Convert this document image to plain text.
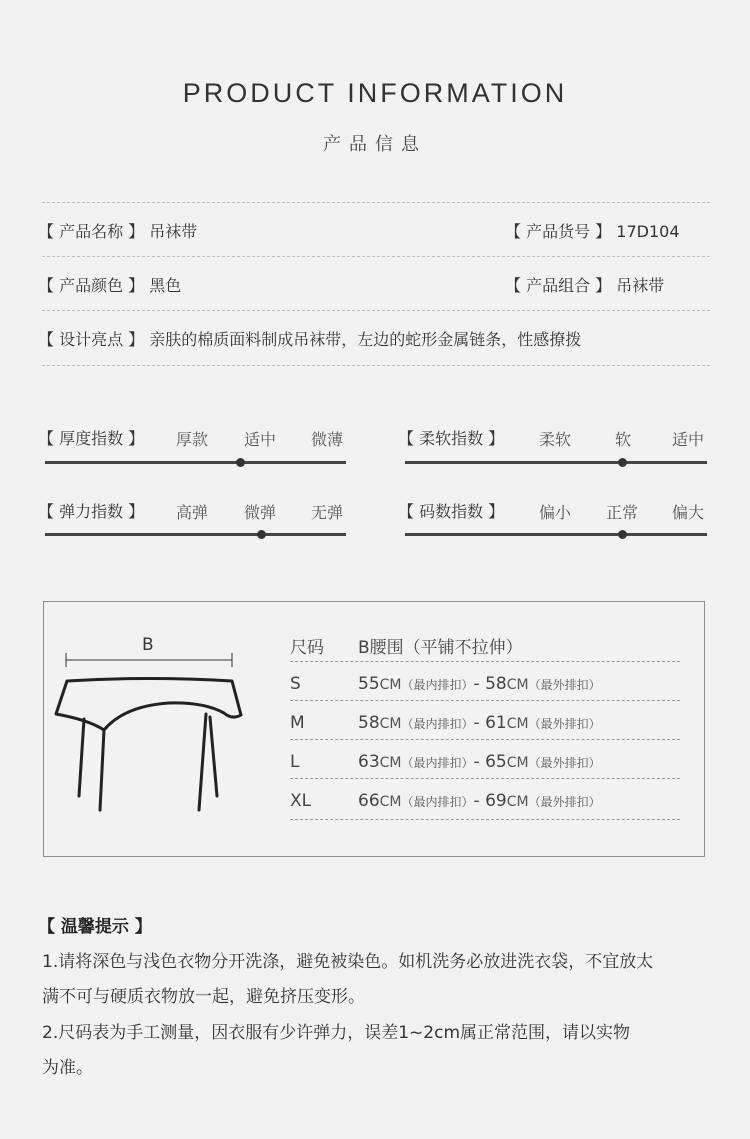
PRODUCT INFORMATION
产品信息
【 产品名称 】 吊袜带	【 产品货号 】 17D104
【 产品颜色 】 黑色	【 产品组合 】 吊袜带
【 设计亮点 】 亲肤的棉质面料制成吊袜带，左边的蛇形金属链条，性感撩拨
【 厚度指数 】 厚款 适中 微薄	【 柔软指数 】 柔软	软	适中
【 弹力指数 】 高弹 微弹 无弹	【 码数指数 】 偏小 正常 偏大
B	尺码 B腰围（平铺不拉伸）
S	55CM（最内排扣）- 58CM（最外排扣）
M	58CM（最内排扣）- 61CM（最外排扣）
L	63CM（最内排扣）- 65CM（最外排扣）
XL	66CM（最内排扣）- 69CM（最外排扣）
【 温馨提示 】
1.请将深色与浅色衣物分开洗涤，避免被染色。如机洗务必放进洗衣袋，不宜放太
满不可与硬质衣物放一起，避免挤压变形。
2.尺码表为手工测量，因衣服有少许弹力，误差1~2cm属正常范围，请以实物
为准。
